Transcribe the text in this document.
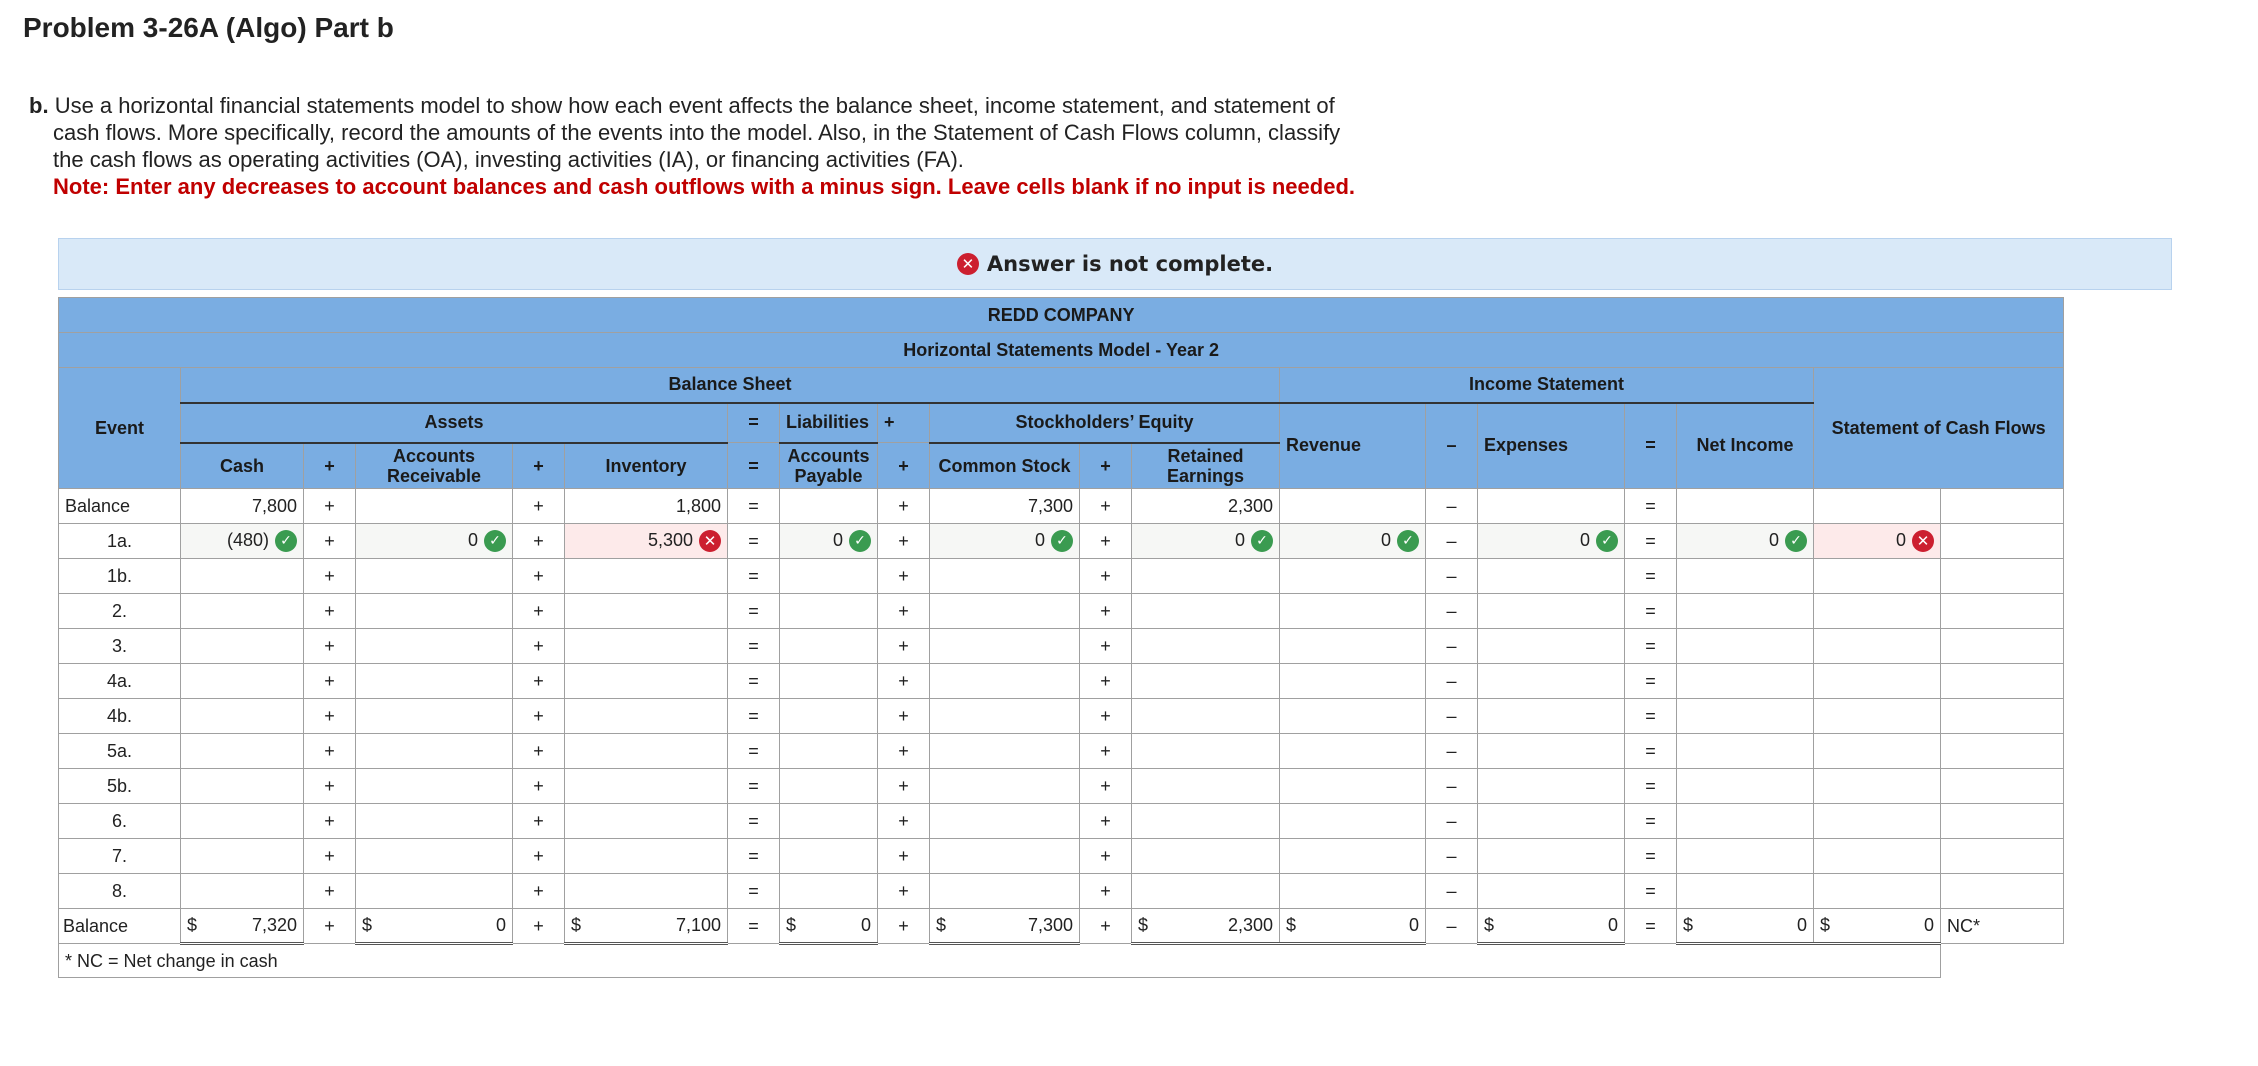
Problem 3-26A (Algo) Part b
b. Use a horizontal financial statements model to show how each event affects the balance sheet, income statement, and statement of
cash flows. More specifically, record the amounts of the events into the model. Also, in the Statement of Cash Flows column, classify
the cash flows as operating activities (OA), investing activities (IA), or financing activities (FA).
Note: Enter any decreases to account balances and cash outflows with a minus sign. Leave cells blank if no input is needed.
✕ Answer is not complete.
REDD COMPANY																		
Horizontal Statements Model - Year 2																		
Event	Balance Sheet											Income Statement					Statement of Cash Flows	
	Assets					=	Liabilities	+	Stockholders’ Equity			Revenue	–	Expenses	=	Net Income		
	Cash	+	Accounts Receivable	+	Inventory	=	Accounts Payable	+	Common Stock	+	Retained Earnings							
Balance	7,800	+		+	1,800	=		+	7,300	+	2,300		–		=			
1a.	(480) ✓	+	0 ✓	+	5,300 ✕	=	0 ✓	+	0 ✓	+	0 ✓	0 ✓	–	0 ✓	=	0 ✓	0 ✕	
1b.		+		+		=		+		+			–		=			
2.		+		+		=		+		+			–		=			
3.		+		+		=		+		+			–		=			
4a.		+		+		=		+		+			–		=			
4b.		+		+		=		+		+			–		=			
5a.		+		+		=		+		+			–		=			
5b.		+		+		=		+		+			–		=			
6.		+		+		=		+		+			–		=			
7.		+		+		=		+		+			–		=			
8.		+		+		=		+		+			–		=			
Balance	$ 7,320	+	$ 0	+	$ 7,100	=	$ 0	+	$ 7,300	+	$ 2,300	$ 0	–	$ 0	=	$ 0	$ 0	NC*
* NC = Net change in cash																		
